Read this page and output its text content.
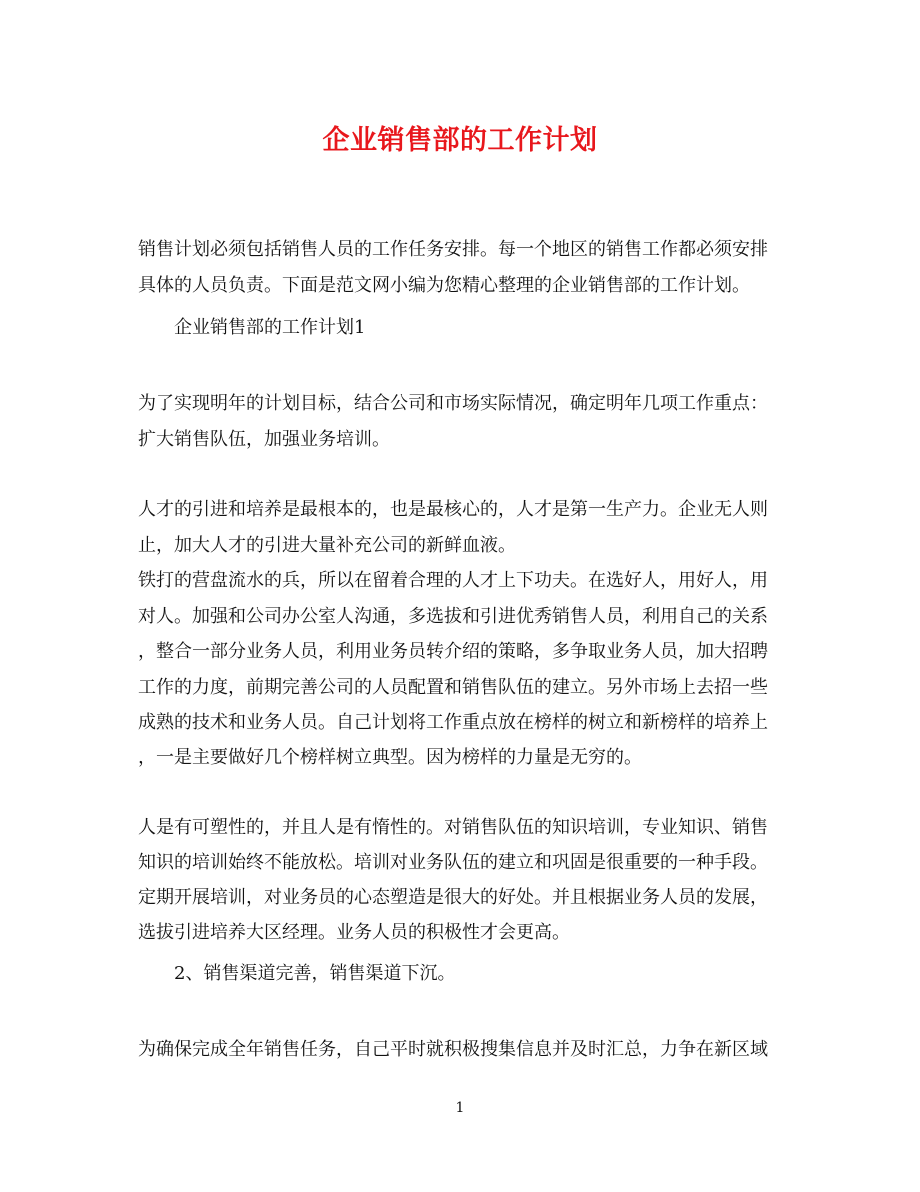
企业销售部的工作计划
销售计划必须包括销售人员的工作任务安排。每一个地区的销售工作都必须安排
具体的人员负责。下面是范文网小编为您精心整理的企业销售部的工作计划。
企业销售部的工作计划1
为了实现明年的计划目标，结合公司和市场实际情况，确定明年几项工作重点：
扩大销售队伍，加强业务培训。
人才的引进和培养是最根本的，也是最核心的，人才是第一生产力。企业无人则
止，加大人才的引进大量补充公司的新鲜血液。
铁打的营盘流水的兵，所以在留着合理的人才上下功夫。在选好人，用好人，用
对人。加强和公司办公室人沟通，多选拔和引进优秀销售人员，利用自己的关系
，整合一部分业务人员，利用业务员转介绍的策略，多争取业务人员，加大招聘
工作的力度，前期完善公司的人员配置和销售队伍的建立。另外市场上去招一些
成熟的技术和业务人员。自己计划将工作重点放在榜样的树立和新榜样的培养上
，一是主要做好几个榜样树立典型。因为榜样的力量是无穷的。
人是有可塑性的，并且人是有惰性的。对销售队伍的知识培训，专业知识、销售
知识的培训始终不能放松。培训对业务队伍的建立和巩固是很重要的一种手段。
定期开展培训，对业务员的心态塑造是很大的好处。并且根据业务人员的发展，
选拔引进培养大区经理。业务人员的积极性才会更高。
2、销售渠道完善，销售渠道下沉。
为确保完成全年销售任务，自己平时就积极搜集信息并及时汇总，力争在新区域
1
